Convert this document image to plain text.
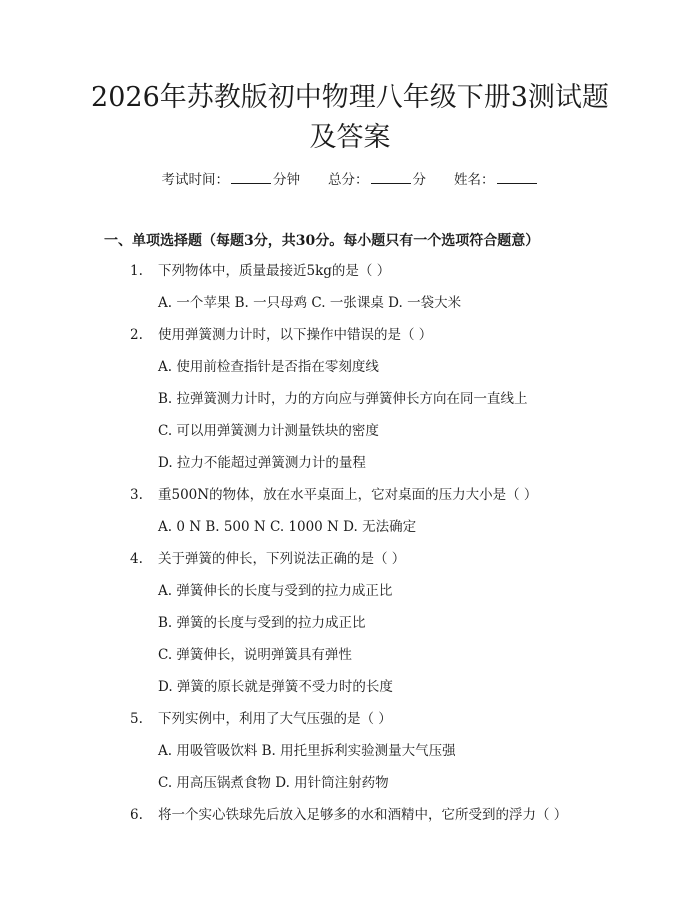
2026年苏教版初中物理八年级下册3测试题
及答案
考试时间：	分钟 总分：	分 姓名：
一、单项选择题（每题3分，共30分。每小题只有一个选项符合题意）
1.	下列物体中，质量最接近5kg的是（ ）
A. 一个苹果 B. 一只母鸡 C. 一张课桌 D. 一袋大米
2.	使用弹簧测力计时，以下操作中错误的是（ ）
A. 使用前检查指针是否指在零刻度线
B. 拉弹簧测力计时，力的方向应与弹簧伸长方向在同一直线上
C. 可以用弹簧测力计测量铁块的密度
D. 拉力不能超过弹簧测力计的量程
3.	重500N的物体，放在水平桌面上，它对桌面的压力大小是（ ）
A. 0 N B. 500 N C. 1000 N D. 无法确定
4.	关于弹簧的伸长，下列说法正确的是（ ）
A. 弹簧伸长的长度与受到的拉力成正比
B. 弹簧的长度与受到的拉力成正比
C. 弹簧伸长，说明弹簧具有弹性
D. 弹簧的原长就是弹簧不受力时的长度
5.	下列实例中，利用了大气压强的是（ ）
A. 用吸管吸饮料 B. 用托里拆利实验测量大气压强
C. 用高压锅煮食物 D. 用针筒注射药物
6.	将一个实心铁球先后放入足够多的水和酒精中，它所受到的浮力（ ）
